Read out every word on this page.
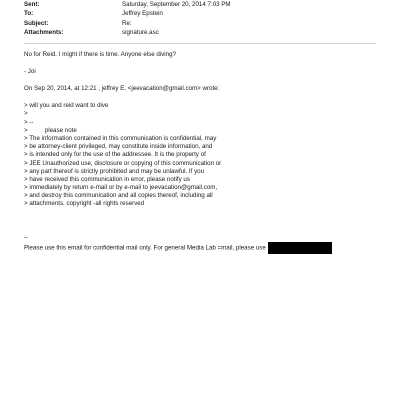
Sent:	Saturday, September 20, 2014 7:03 PM
To:	Jeffrey Epstein
Subject:	Re:
Attachments:	signature.asc

No for Reid. I might if there is time. Anyone else diving?

- Joi

On Sep 20, 2014, at 12:21 , jeffrey E. <jeevacation@gmail.com> wrote:

> will you and reid want to dive
>
> --
>          please note
> The information contained in this communication is confidential, may
> be attorney-client privileged, may constitute inside information, and
> is intended only for the use of the addressee. It is the property of
> JEE Unauthorized use, disclosure or copying of this communication or
> any part thereof is strictly prohibited and may be unlawful. If you
> have received this communication in error, please notify us
> immediately by return e-mail or by e-mail to jeevacation@gmail.com,
> and destroy this communication and all copies thereof, including all
> attachments. copyright -all rights reserved
--
Please use this email for confidential mail only. For general Media Lab =mail, please use
